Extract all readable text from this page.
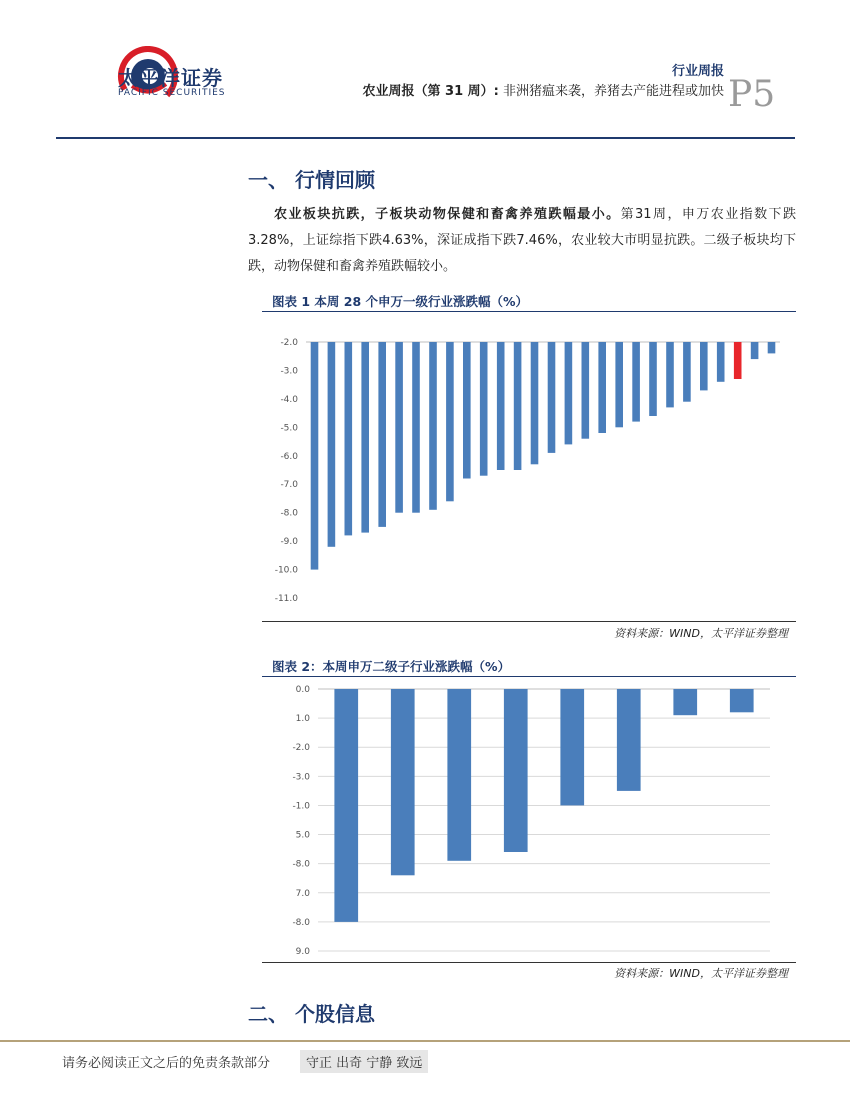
太平洋证券
PACIFIC SECURITIES
行业周报
农业周报（第 31 周）: 非洲猪瘟来袭，养猪去产能进程或加快 P5
一、 行情回顾
农业板块抗跌，子板块动物保健和畜禽养殖跌幅最小。第31周，申万农业指数下跌3.28%，上证综指下跌4.63%，深证成指下跌7.46%，农业较大市明显抗跌。二级子板块均下跌，动物保健和畜禽养殖跌幅较小。
图表 1 本周 28 个申万一级行业涨跌幅（%）
-2.0
-3.0
-4.0
-5.0
-6.0
-7.0
-8.0
-9.0
-10.0
-11.0
资料来源：WIND，太平洋证券整理
图表 2：本周申万二级子行业涨跌幅（%）
0.0
1.0
-2.0
-3.0
-1.0
5.0
-8.0
7.0
-8.0
9.0
资料来源：WIND，太平洋证券整理
二、 个股信息
请务必阅读正文之后的免责条款部分	守正 出奇 宁静 致远
